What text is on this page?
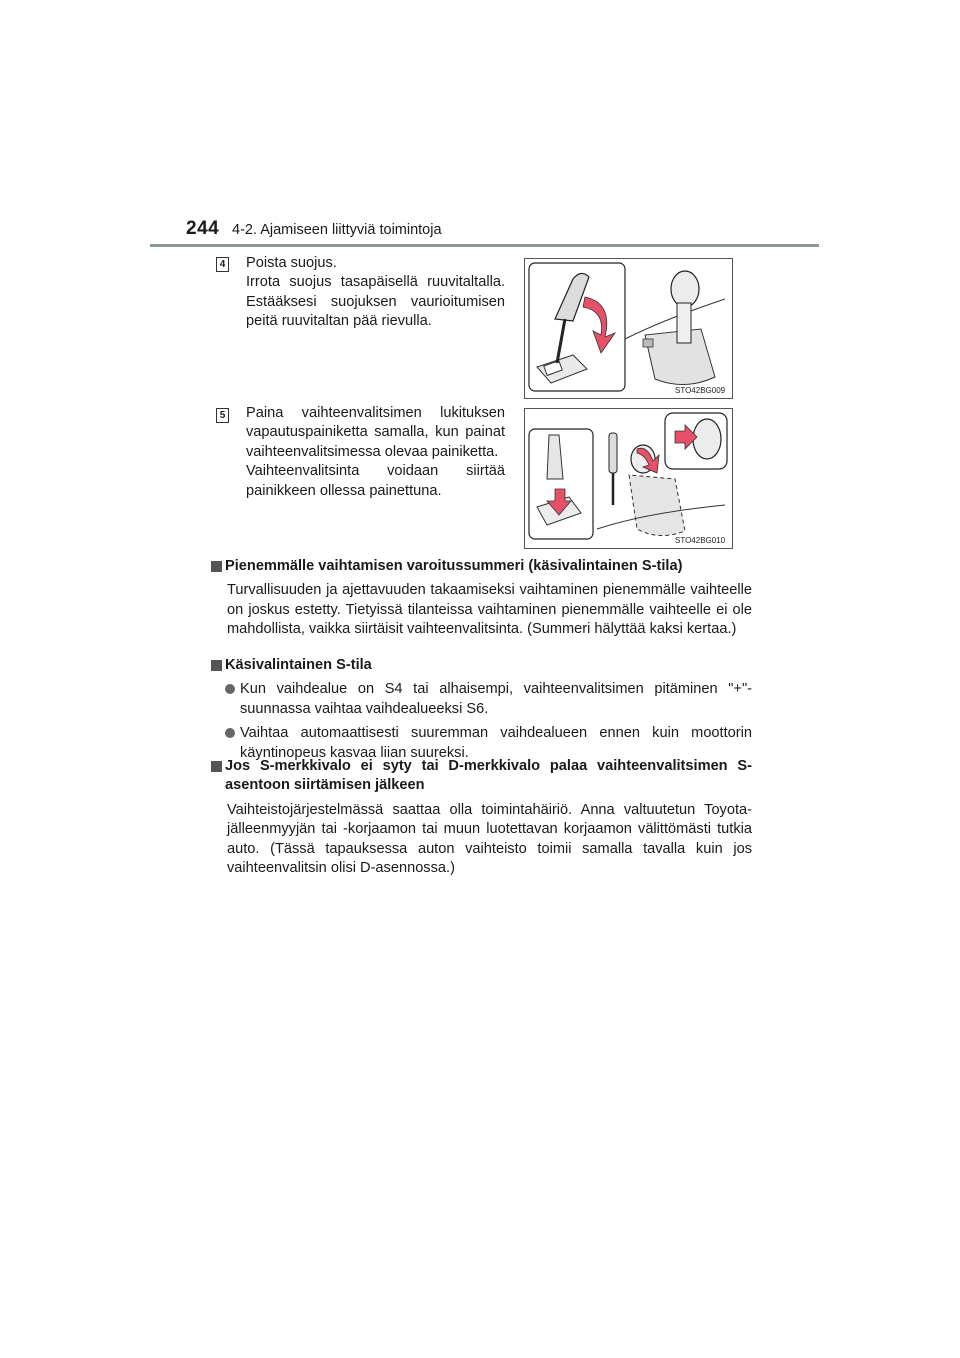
244 4-2. Ajamiseen liittyviä toimintoja
4 Poista suojus.

Irrota suojus tasapäisellä ruuvitaltalla. Estääksesi suojuksen vaurioitumisen peitä ruuvitaltan pää rievulla.

STO42BG009
5 Paina vaihteenvalitsimen lukituksen vapautuspainiketta samalla, kun painat vaihteenvalitsimessa olevaa painiketta.

Vaihteenvalitsinta voidaan siirtää painikkeen ollessa painettuna.

STO42BG010
Pienemmälle vaihtamisen varoitussummeri (käsivalintainen S-tila)
Turvallisuuden ja ajettavuuden takaamiseksi vaihtaminen pienemmälle vaihteelle on joskus estetty. Tietyissä tilanteissa vaihtaminen pienemmälle vaihteelle ei ole mahdollista, vaikka siirtäisit vaihteenvalitsinta. (Summeri hälyttää kaksi kertaa.)
Käsivalintainen S-tila
Kun vaihdealue on S4 tai alhaisempi, vaihteenvalitsimen pitäminen "+"-suunnassa vaihtaa vaihdealueeksi S6.
Vaihtaa automaattisesti suuremman vaihdealueen ennen kuin moottorin käyntinopeus kasvaa liian suureksi.
Jos S-merkkivalo ei syty tai D-merkkivalo palaa vaihteenvalitsimen S-asentoon siirtämisen jälkeen
Vaihteistojärjestelmässä saattaa olla toimintahäiriö. Anna valtuutetun Toyota-jälleenmyyjän tai -korjaamon tai muun luotettavan korjaamon välittömästi tutkia auto. (Tässä tapauksessa auton vaihteisto toimii samalla tavalla kuin jos vaihteenvalitsin olisi D-asennossa.)
